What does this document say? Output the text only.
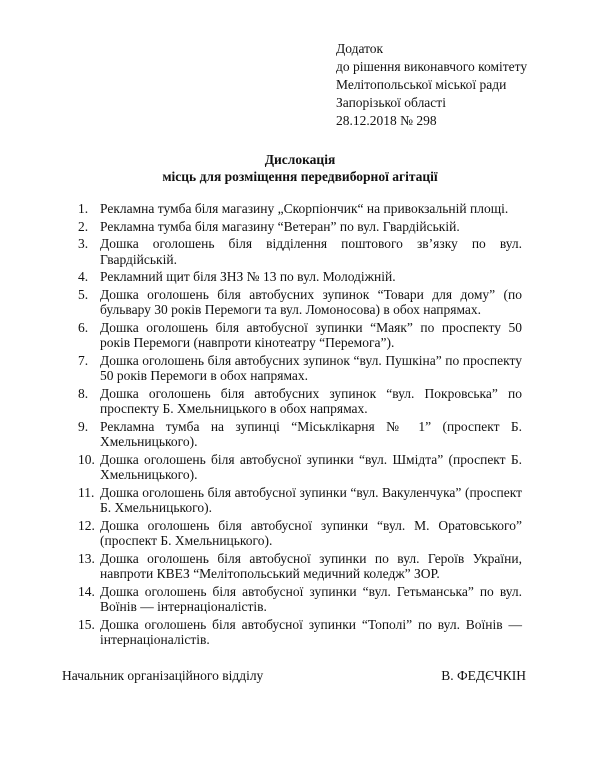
Додаток
до рішення виконавчого комітету
Мелітопольської міської ради
Запорізької області
28.12.2018 № 298
Дислокація
місць для розміщення передвиборної агітації
1. Рекламна тумба біля магазину „Скорпіончик“ на привокзальній площі.
2. Рекламна тумба біля магазину “Ветеран” по вул. Гвардійській.
3. Дошка оголошень біля відділення поштового зв’язку по вул. Гвардійській.
4. Рекламний щит біля ЗНЗ № 13 по вул. Молодіжній.
5. Дошка оголошень біля автобусних зупинок “Товари для дому” (по бульвару 30 років Перемоги та вул. Ломоносова) в обох напрямах.
6. Дошка оголошень біля автобусної зупинки “Маяк” по проспекту 50 років Перемоги (навпроти кінотеатру “Перемога”).
7. Дошка оголошень біля автобусних зупинок “вул. Пушкіна” по проспекту 50 років Перемоги в обох напрямах.
8. Дошка оголошень біля автобусних зупинок “вул. Покровська” по проспекту Б. Хмельницького в обох напрямах.
9. Рекламна тумба на зупинці “Міськлікарня № 1” (проспект Б. Хмельницького).
10. Дошка оголошень біля автобусної зупинки “вул. Шмідта” (проспект Б. Хмельницького).
11. Дошка оголошень біля автобусної зупинки “вул. Вакуленчука” (проспект Б. Хмельницького).
12. Дошка оголошень біля автобусної зупинки “вул. М. Оратовського” (проспект Б. Хмельницького).
13. Дошка оголошень біля автобусної зупинки по вул. Героїв України, навпроти КВЕЗ “Мелітопольський медичний коледж” ЗОР.
14. Дошка оголошень біля автобусної зупинки “вул. Гетьманська” по вул. Воїнів — інтернаціоналістів.
15. Дошка оголошень біля автобусної зупинки “Тополі” по вул. Воїнів — інтернаціоналістів.
Начальник організаційного відділу	В. ФЕДЄЧКІН
